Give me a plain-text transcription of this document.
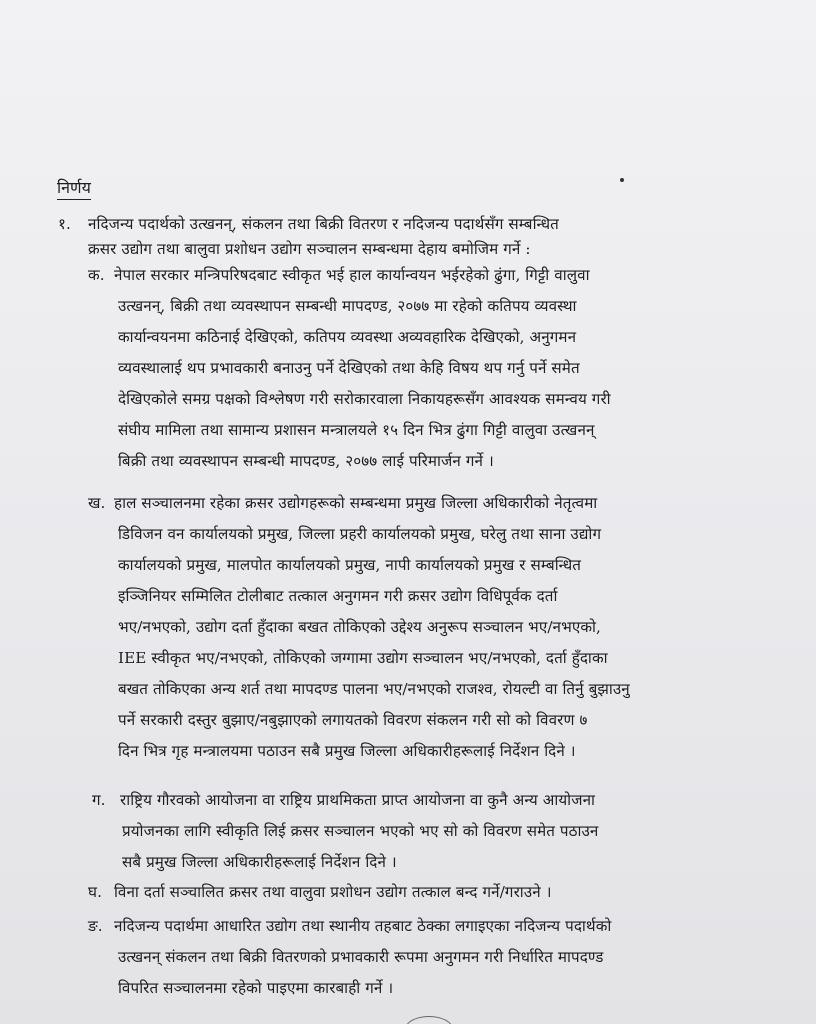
निर्णय
१. नदिजन्य पदार्थको उत्खनन्, संकलन तथा बिक्री वितरण र नदिजन्य पदार्थसँग सम्बन्धित
क्रसर उद्योग तथा बालुवा प्रशोधन उद्योग सञ्चालन सम्बन्धमा देहाय बमोजिम गर्ने :
क. नेपाल सरकार मन्त्रिपरिषदबाट स्वीकृत भई हाल कार्यान्वयन भईरहेको ढुंगा, गिट्टी वालुवा
उत्खनन्, बिक्री तथा व्यवस्थापन सम्बन्धी मापदण्ड, २०७७ मा रहेको कतिपय व्यवस्था
कार्यान्वयनमा कठिनाई देखिएको, कतिपय व्यवस्था अव्यवहारिक देखिएको, अनुगमन
व्यवस्थालाई थप प्रभावकारी बनाउनु पर्ने देखिएको तथा केहि विषय थप गर्नु पर्ने समेत
देखिएकोले समग्र पक्षको विश्लेषण गरी सरोकारवाला निकायहरूसँग आवश्यक समन्वय गरी
संघीय मामिला तथा सामान्य प्रशासन मन्त्रालयले १५ दिन भित्र ढुंगा गिट्टी वालुवा उत्खनन्
बिक्री तथा व्यवस्थापन सम्बन्धी मापदण्ड, २०७७ लाई परिमार्जन गर्ने ।
ख. हाल सञ्चालनमा रहेका क्रसर उद्योगहरूको सम्बन्धमा प्रमुख जिल्ला अधिकारीको नेतृत्वमा
डिविजन वन कार्यालयको प्रमुख, जिल्ला प्रहरी कार्यालयको प्रमुख, घरेलु तथा साना उद्योग
कार्यालयको प्रमुख, मालपोत कार्यालयको प्रमुख, नापी कार्यालयको प्रमुख र सम्बन्धित
इञ्जिनियर सम्मिलित टोलीबाट तत्काल अनुगमन गरी क्रसर उद्योग विधिपूर्वक दर्ता
भए/नभएको, उद्योग दर्ता हुँदाका बखत तोकिएको उद्देश्य अनुरूप सञ्चालन भए/नभएको,
IEE स्वीकृत भए/नभएको, तोकिएको जग्गामा उद्योग सञ्चालन भए/नभएको, दर्ता हुँदाका
बखत तोकिएका अन्य शर्त तथा मापदण्ड पालना भए/नभएको राजश्व, रोयल्टी वा तिर्नु बुझाउनु
पर्ने सरकारी दस्तुर बुझाए/नबुझाएको लगायतको विवरण संकलन गरी सो को विवरण ७
दिन भित्र गृह मन्त्रालयमा पठाउन सबै प्रमुख जिल्ला अधिकारीहरूलाई निर्देशन दिने ।
ग. राष्ट्रिय गौरवको आयोजना वा राष्ट्रिय प्राथमिकता प्राप्त आयोजना वा कुनै अन्य आयोजना
प्रयोजनका लागि स्वीकृति लिई क्रसर सञ्चालन भएको भए सो को विवरण समेत पठाउन
सबै प्रमुख जिल्ला अधिकारीहरूलाई निर्देशन दिने ।
घ. विना दर्ता सञ्चालित क्रसर तथा वालुवा प्रशोधन उद्योग तत्काल बन्द गर्ने/गराउने ।
ङ. नदिजन्य पदार्थमा आधारित उद्योग तथा स्थानीय तहबाट ठेक्का लगाइएका नदिजन्य पदार्थको
उत्खनन् संकलन तथा बिक्री वितरणको प्रभावकारी रूपमा अनुगमन गरी निर्धारित मापदण्ड
विपरित सञ्चालनमा रहेको पाइएमा कारबाही गर्ने ।
